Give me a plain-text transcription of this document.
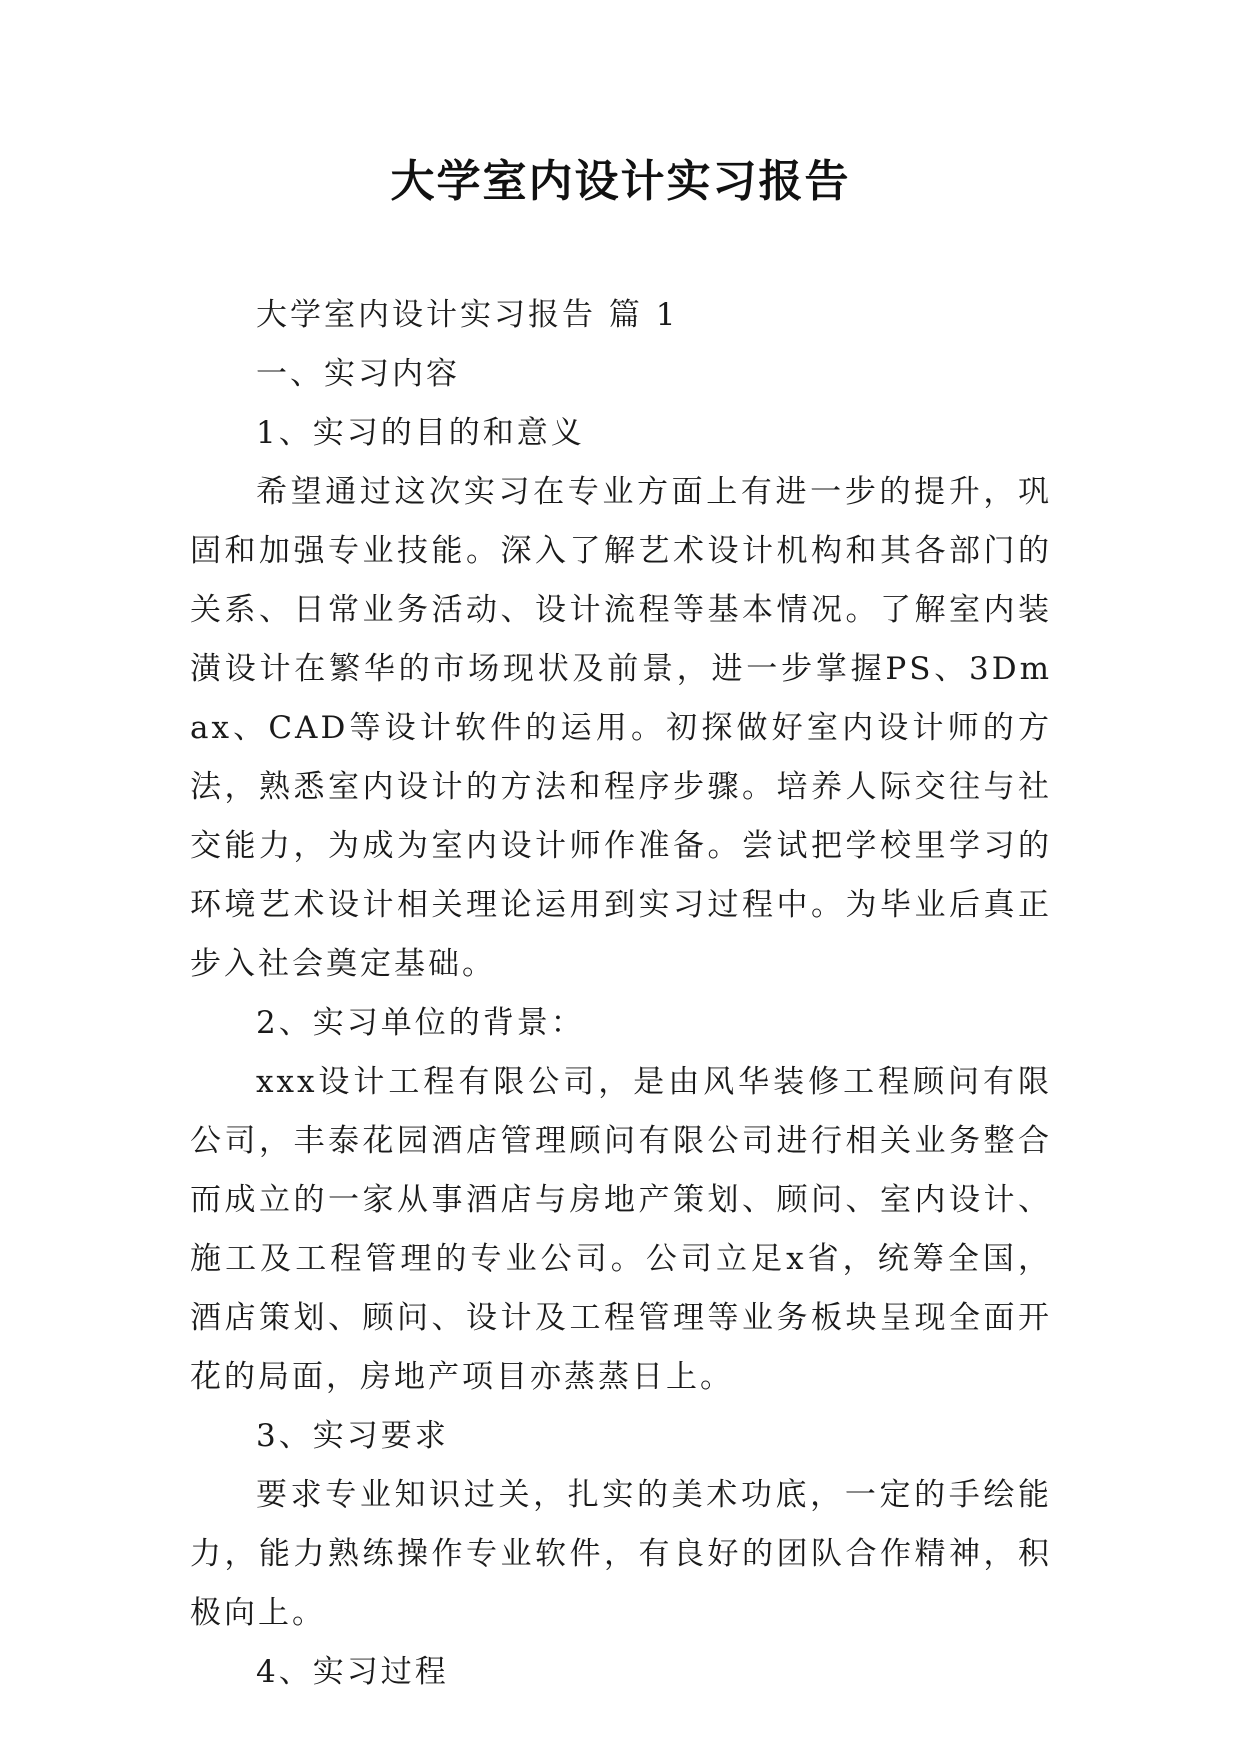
大学室内设计实习报告
大学室内设计实习报告 篇 1
一、实习内容
1、实习的目的和意义

希望通过这次实习在专业方面上有进一步的提升，巩固和加强专业技能。深入了解艺术设计机构和其各部门的关系、日常业务活动、设计流程等基本情况。了解室内装潢设计在繁华的市场现状及前景，进一步掌握PS、3Dmax、CAD等设计软件的运用。初探做好室内设计师的方法，熟悉室内设计的方法和程序步骤。培养人际交往与社交能力，为成为室内设计师作准备。尝试把学校里学习的环境艺术设计相关理论运用到实习过程中。为毕业后真正步入社会奠定基础。

2、实习单位的背景：

xxx设计工程有限公司，是由风华装修工程顾问有限公司，丰泰花园酒店管理顾问有限公司进行相关业务整合而成立的一家从事酒店与房地产策划、顾问、室内设计、施工及工程管理的专业公司。公司立足x省，统筹全国，酒店策划、顾问、设计及工程管理等业务板块呈现全面开花的局面，房地产项目亦蒸蒸日上。

3、实习要求

要求专业知识过关，扎实的美术功底，一定的手绘能力，能力熟练操作专业软件，有良好的团队合作精神，积极向上。

4、实习过程
